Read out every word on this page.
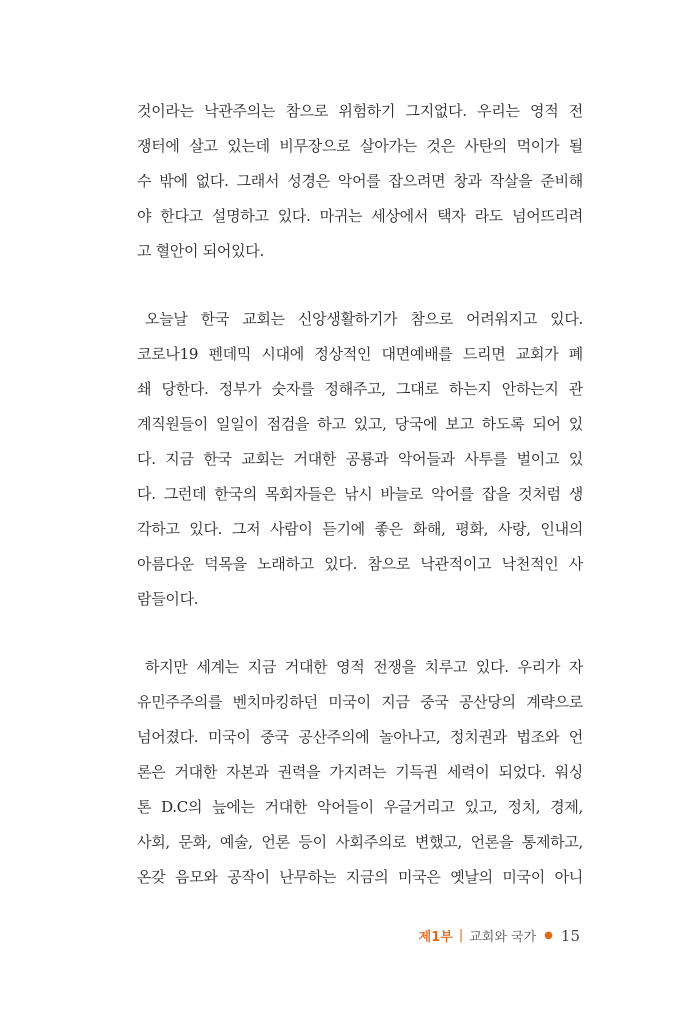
것이라는 낙관주의는 참으로 위험하기 그지없다. 우리는 영적 전
쟁터에 살고 있는데 비무장으로 살아가는 것은 사탄의 먹이가 될
수 밖에 없다. 그래서 성경은 악어를 잡으려면 창과 작살을 준비해
야 한다고 설명하고 있다. 마귀는 세상에서 택자 라도 넘어뜨리려
고 혈안이 되어있다.
오늘날 한국 교회는 신앙생활하기가 참으로 어려워지고 있다.
코로나19 펜데믹 시대에 정상적인 대면예배를 드리면 교회가 폐
쇄 당한다. 정부가 숫자를 정해주고, 그대로 하는지 안하는지 관
계직원들이 일일이 점검을 하고 있고, 당국에 보고 하도록 되어 있
다. 지금 한국 교회는 거대한 공룡과 악어들과 사투를 벌이고 있
다. 그런데 한국의 목회자들은 낚시 바늘로 악어를 잡을 것처럼 생
각하고 있다. 그저 사람이 듣기에 좋은 화해, 평화, 사랑, 인내의
아름다운 덕목을 노래하고 있다. 참으로 낙관적이고 낙천적인 사
람들이다.
하지만 세계는 지금 거대한 영적 전쟁을 치루고 있다. 우리가 자
유민주주의를 벤치마킹하던 미국이 지금 중국 공산당의 계략으로
넘어졌다. 미국이 중국 공산주의에 놀아나고, 정치권과 법조와 언
론은 거대한 자본과 권력을 가지려는 기득권 세력이 되었다. 워싱
톤 D.C의 늪에는 거대한 악어들이 우글거리고 있고, 정치, 경제,
사회, 문화, 예술, 언론 등이 사회주의로 변했고, 언론을 통제하고,
온갖 음모와 공작이 난무하는 지금의 미국은 옛날의 미국이 아니
제1부 | 교회와 국가 ● 15
